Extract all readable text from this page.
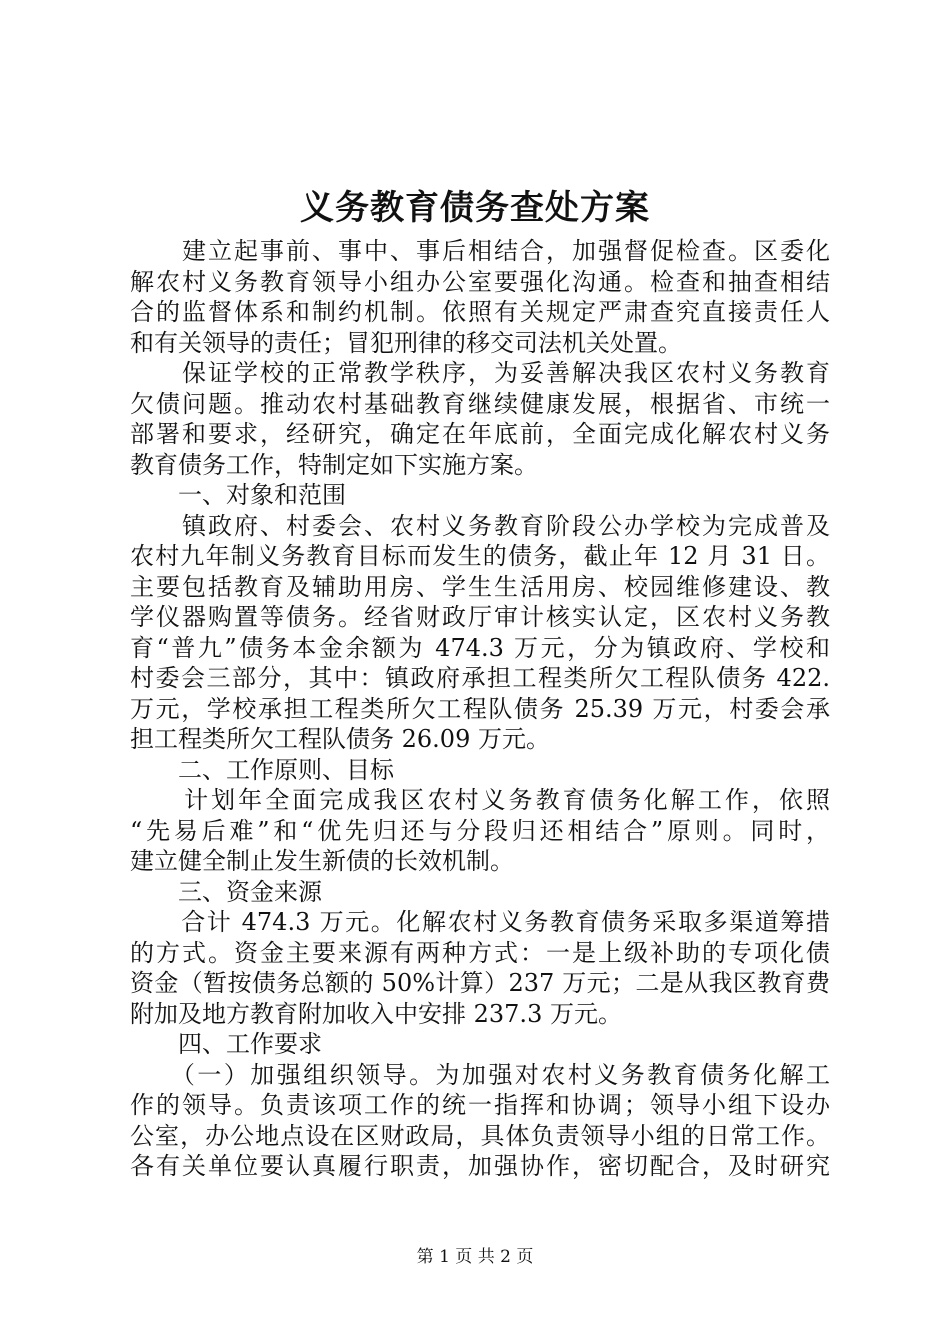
义务教育债务查处方案
　　建立起事前、事中、事后相结合，加强督促检查。区委化
解农村义务教育领导小组办公室要强化沟通。检查和抽查相结
合的监督体系和制约机制。依照有关规定严肃查究直接责任人
和有关领导的责任；冒犯刑律的移交司法机关处置。
　　保证学校的正常教学秩序，为妥善解决我区农村义务教育
欠债问题。推动农村基础教育继续健康发展，根据省、市统一
部署和要求，经研究，确定在年底前，全面完成化解农村义务
教育债务工作，特制定如下实施方案。
　　一、对象和范围
　　镇政府、村委会、农村义务教育阶段公办学校为完成普及
农村九年制义务教育目标而发生的债务，截止年 12 月 31 日。
主要包括教育及辅助用房、学生生活用房、校园维修建设、教
学仪器购置等债务。经省财政厅审计核实认定，区农村义务教
育“普九”债务本金余额为 474.3 万元，分为镇政府、学校和
村委会三部分，其中：镇政府承担工程类所欠工程队债务 422.
万元，学校承担工程类所欠工程队债务 25.39 万元，村委会承
担工程类所欠工程队债务 26.09 万元。
　　二、工作原则、目标
　　计划年全面完成我区农村义务教育债务化解工作，依照
“先易后难”和“优先归还与分段归还相结合”原则。同时，
建立健全制止发生新债的长效机制。
　　三、资金来源
　　合计 474.3 万元。化解农村义务教育债务采取多渠道筹措
的方式。资金主要来源有两种方式：一是上级补助的专项化债
资金（暂按债务总额的 50%计算）237 万元；二是从我区教育费
附加及地方教育附加收入中安排 237.3 万元。
　　四、工作要求
　　（一）加强组织领导。为加强对农村义务教育债务化解工
作的领导。负责该项工作的统一指挥和协调；领导小组下设办
公室，办公地点设在区财政局，具体负责领导小组的日常工作。
各有关单位要认真履行职责，加强协作，密切配合，及时研究
第 1 页 共 2 页
